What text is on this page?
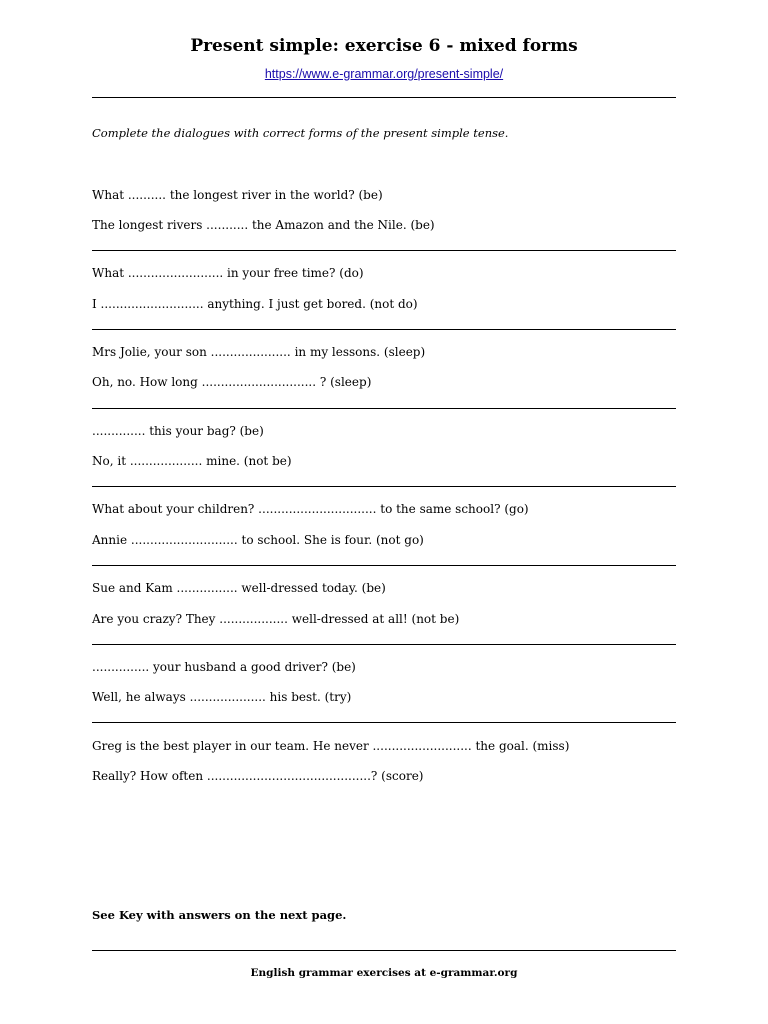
Present simple: exercise 6 - mixed forms
https://www.e-grammar.org/present-simple/
Complete the dialogues with correct forms of the present simple tense.
What .......... the longest river in the world? (be)
The longest rivers ........... the Amazon and the Nile. (be)
What ......................... in your free time? (do)
I ........................... anything. I just get bored. (not do)
Mrs Jolie, your son ..................... in my lessons. (sleep)
Oh, no. How long .............................. ? (sleep)
.............. this your bag? (be)
No, it ................... mine. (not be)
What about your children? ............................... to the same school? (go)
Annie ............................ to school. She is four. (not go)
Sue and Kam ................ well-dressed today. (be)
Are you crazy? They .................. well-dressed at all! (not be)
............... your husband a good driver? (be)
Well, he always .................... his best. (try)
Greg is the best player in our team. He never .......................... the goal. (miss)
Really? How often ...........................................? (score)
See Key with answers on the next page.
English grammar exercises at e-grammar.org
